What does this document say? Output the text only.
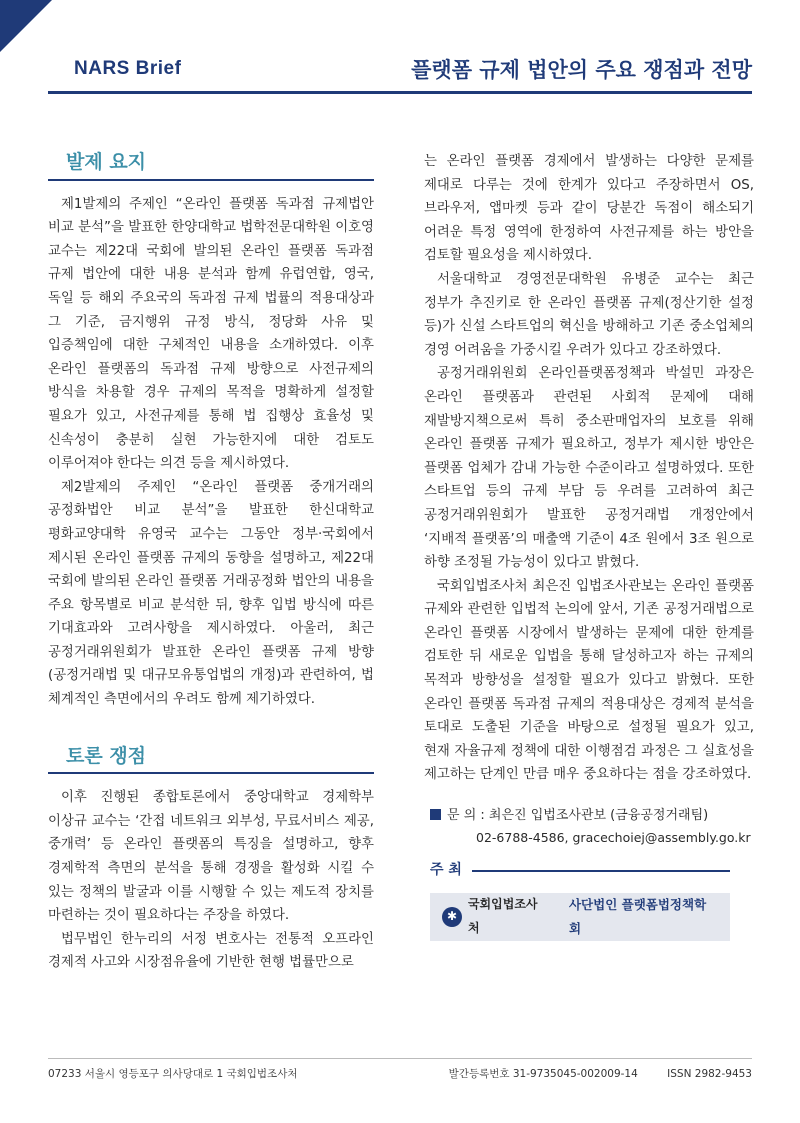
NARS Brief	플랫폼 규제 법안의 주요 쟁점과 전망
발제 요지

제1발제의 주제인 “온라인 플랫폼 독과점 규제법안 비교 분석”을 발표한 한양대학교 법학전문대학원 이호영 교수는 제22대 국회에 발의된 온라인 플랫폼 독과점 규제 법안에 대한 내용 분석과 함께 유럽연합, 영국, 독일 등 해외 주요국의 독과점 규제 법률의 적용대상과 그 기준, 금지행위 규정 방식, 정당화 사유 및 입증책임에 대한 구체적인 내용을 소개하였다. 이후 온라인 플랫폼의 독과점 규제 방향으로 사전규제의 방식을 차용할 경우 규제의 목적을 명확하게 설정할 필요가 있고, 사전규제를 통해 법 집행상 효율성 및 신속성이 충분히 실현 가능한지에 대한 검토도 이루어져야 한다는 의견 등을 제시하였다.

제2발제의 주제인 “온라인 플랫폼 중개거래의 공정화법안 비교 분석”을 발표한 한신대학교 평화교양대학 유영국 교수는 그동안 정부·국회에서 제시된 온라인 플랫폼 규제의 동향을 설명하고, 제22대 국회에 발의된 온라인 플랫폼 거래공정화 법안의 내용을 주요 항목별로 비교 분석한 뒤, 향후 입법 방식에 따른 기대효과와 고려사항을 제시하였다. 아울러, 최근 공정거래위원회가 발표한 온라인 플랫폼 규제 방향(공정거래법 및 대규모유통업법의 개정)과 관련하여, 법 체계적인 측면에서의 우려도 함께 제기하였다.

토론 쟁점

이후 진행된 종합토론에서 중앙대학교 경제학부 이상규 교수는 ‘간접 네트워크 외부성, 무료서비스 제공, 중개력’ 등 온라인 플랫폼의 특징을 설명하고, 향후 경제학적 측면의 분석을 통해 경쟁을 활성화 시킬 수 있는 정책의 발굴과 이를 시행할 수 있는 제도적 장치를 마련하는 것이 필요하다는 주장을 하였다.

법무법인 한누리의 서정 변호사는 전통적 오프라인 경제적 사고와 시장점유율에 기반한 현행 법률만으로

는 온라인 플랫폼 경제에서 발생하는 다양한 문제를 제대로 다루는 것에 한계가 있다고 주장하면서 OS, 브라우저, 앱마켓 등과 같이 당분간 독점이 해소되기 어려운 특정 영역에 한정하여 사전규제를 하는 방안을 검토할 필요성을 제시하였다.

서울대학교 경영전문대학원 유병준 교수는 최근 정부가 추진키로 한 온라인 플랫폼 규제(정산기한 설정 등)가 신설 스타트업의 혁신을 방해하고 기존 중소업체의 경영 어려움을 가중시킬 우려가 있다고 강조하였다.

공정거래위원회 온라인플랫폼정책과 박설민 과장은 온라인 플랫폼과 관련된 사회적 문제에 대해 재발방지책으로써 특히 중소판매업자의 보호를 위해 온라인 플랫폼 규제가 필요하고, 정부가 제시한 방안은 플랫폼 업체가 감내 가능한 수준이라고 설명하였다. 또한 스타트업 등의 규제 부담 등 우려를 고려하여 최근 공정거래위원회가 발표한 공정거래법 개정안에서 ‘지배적 플랫폼’의 매출액 기준이 4조 원에서 3조 원으로 하향 조정될 가능성이 있다고 밝혔다.

국회입법조사처 최은진 입법조사관보는 온라인 플랫폼 규제와 관련한 입법적 논의에 앞서, 기존 공정거래법으로 온라인 플랫폼 시장에서 발생하는 문제에 대한 한계를 검토한 뒤 새로운 입법을 통해 달성하고자 하는 규제의 목적과 방향성을 설정할 필요가 있다고 밝혔다. 또한 온라인 플랫폼 독과점 규제의 적용대상은 경제적 분석을 토대로 도출된 기준을 바탕으로 설정될 필요가 있고, 현재 자율규제 정책에 대한 이행점검 과정은 그 실효성을 제고하는 단계인 만큼 매우 중요하다는 점을 강조하였다.

문 의 : 최은진 입법조사관보 (금융공정거래팀)
02-6788-4586, gracechoiej@assembly.go.kr
주 최
✱
국회입법조사처
사단법인 플랫폼법정책학회
07233 서울시 영등포구 의사당대로 1 국회입법조사처	발간등록번호 31-9735045-002009-14	ISSN 2982-9453
